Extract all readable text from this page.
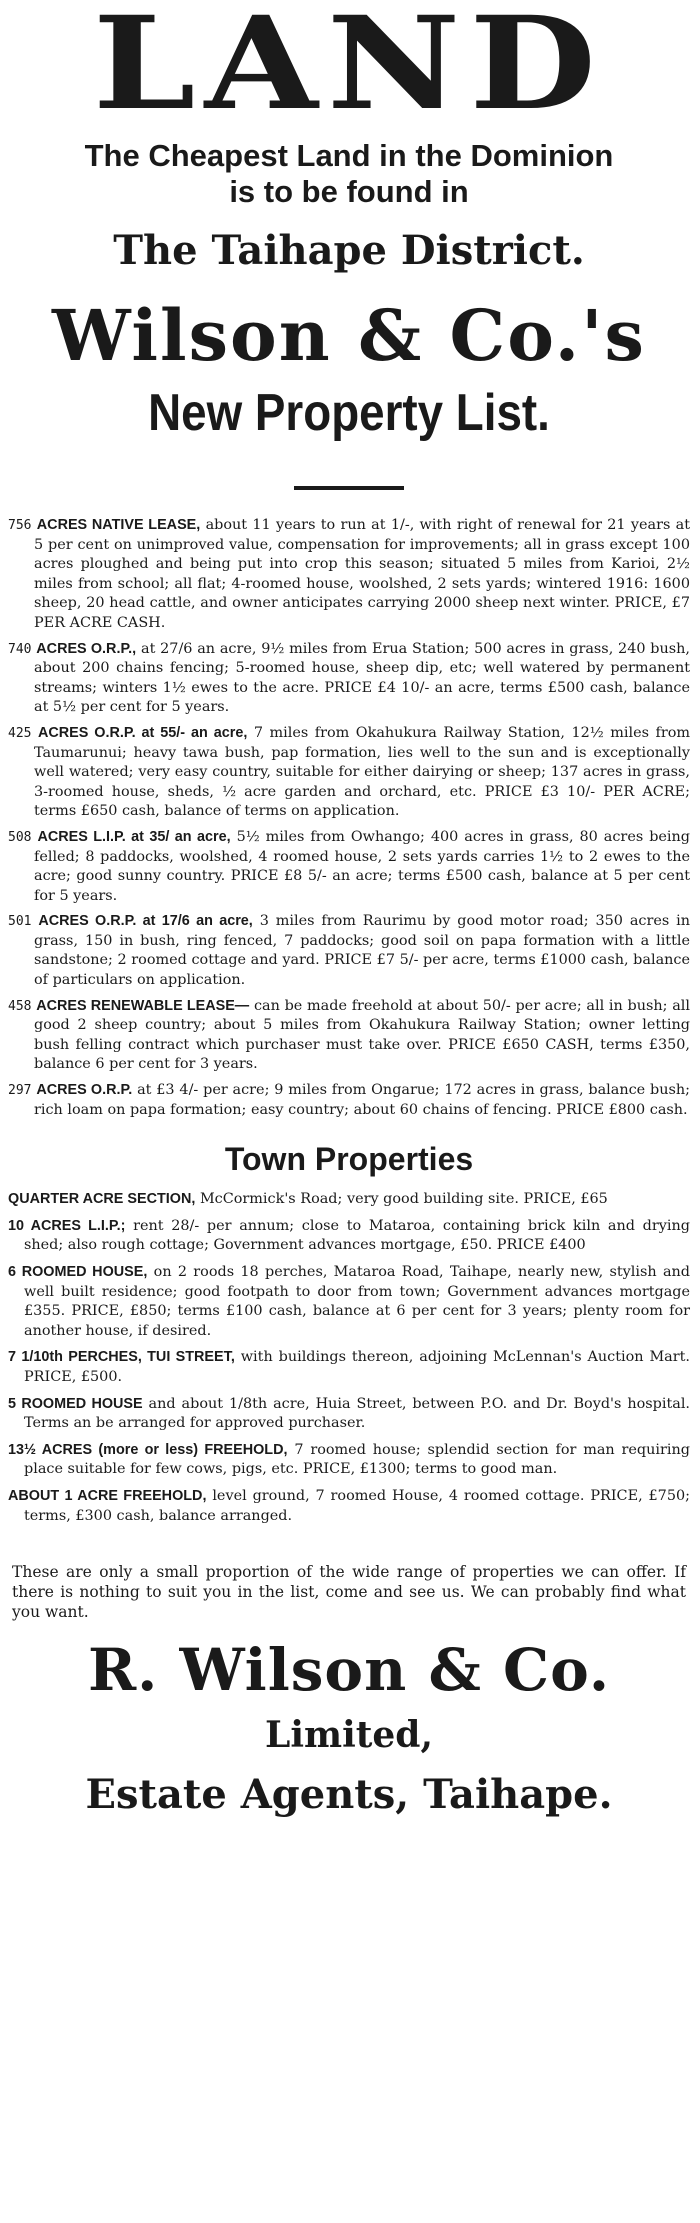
LAND
The Cheapest Land in the Dominion
is to be found in
The Taihape District.
Wilson & Co.'s
New Property List.

756 ACRES NATIVE LEASE, about 11 years to run at 1/-, with right of renewal for 21 years at 5 per cent on unimproved value, compensation for improvements; all in grass except 100 acres ploughed and being put into crop this season; situated 5 miles from Karioi, 2½ miles from school; all flat; 4-roomed house, woolshed, 2 sets yards; wintered 1916: 1600 sheep, 20 head cattle, and owner anticipates carrying 2000 sheep next winter. PRICE, £7 PER ACRE CASH.

740 ACRES O.R.P., at 27/6 an acre, 9½ miles from Erua Station; 500 acres in grass, 240 bush, about 200 chains fencing; 5-roomed house, sheep dip, etc; well watered by permanent streams; winters 1½ ewes to the acre. PRICE £4 10/- an acre, terms £500 cash, balance at 5½ per cent for 5 years.

425 ACRES O.R.P. at 55/- an acre, 7 miles from Okahukura Railway Station, 12½ miles from Taumarunui; heavy tawa bush, pap formation, lies well to the sun and is exceptionally well watered; very easy country, suitable for either dairying or sheep; 137 acres in grass, 3-roomed house, sheds, ½ acre garden and orchard, etc. PRICE £3 10/- PER ACRE; terms £650 cash, balance of terms on application.

508 ACRES L.I.P. at 35/ an acre, 5½ miles from Owhango; 400 acres in grass, 80 acres being felled; 8 paddocks, woolshed, 4 roomed house, 2 sets yards carries 1½ to 2 ewes to the acre; good sunny country. PRICE £8 5/- an acre; terms £500 cash, balance at 5 per cent for 5 years.

501 ACRES O.R.P. at 17/6 an acre, 3 miles from Raurimu by good motor road; 350 acres in grass, 150 in bush, ring fenced, 7 paddocks; good soil on papa formation with a little sandstone; 2 roomed cottage and yard. PRICE £7 5/- per acre, terms £1000 cash, balance of particulars on application.

458 ACRES RENEWABLE LEASE— can be made freehold at about 50/- per acre; all in bush; all good 2 sheep country; about 5 miles from Okahukura Railway Station; owner letting bush felling contract which purchaser must take over. PRICE £650 CASH, terms £350, balance 6 per cent for 3 years.

297 ACRES O.R.P. at £3 4/- per acre; 9 miles from Ongarue; 172 acres in grass, balance bush; rich loam on papa formation; easy country; about 60 chains of fencing. PRICE £800 cash.

Town Properties

QUARTER ACRE SECTION, McCormick's Road; very good building site. PRICE, £65

10 ACRES L.I.P.; rent 28/- per annum; close to Mataroa, containing brick kiln and drying shed; also rough cottage; Government advances mortgage, £50. PRICE £400

6 ROOMED HOUSE, on 2 roods 18 perches, Mataroa Road, Taihape, nearly new, stylish and well built residence; good footpath to door from town; Government advances mortgage £355. PRICE, £850; terms £100 cash, balance at 6 per cent for 3 years; plenty room for another house, if desired.

7 1/10th PERCHES, TUI STREET, with buildings thereon, adjoining McLennan's Auction Mart. PRICE, £500.

5 ROOMED HOUSE and about 1/8th acre, Huia Street, between P.O. and Dr. Boyd's hospital. Terms an be arranged for approved purchaser.

13½ ACRES (more or less) FREEHOLD, 7 roomed house; splendid section for man requiring place suitable for few cows, pigs, etc. PRICE, £1300; terms to good man.

ABOUT 1 ACRE FREEHOLD, level ground, 7 roomed House, 4 roomed cottage. PRICE, £750; terms, £300 cash, balance arranged.

These are only a small proportion of the wide range of properties we can offer. If there is nothing to suit you in the list, come and see us. We can probably find what you want.

R. Wilson & Co.
Limited,
Estate Agents, Taihape.
